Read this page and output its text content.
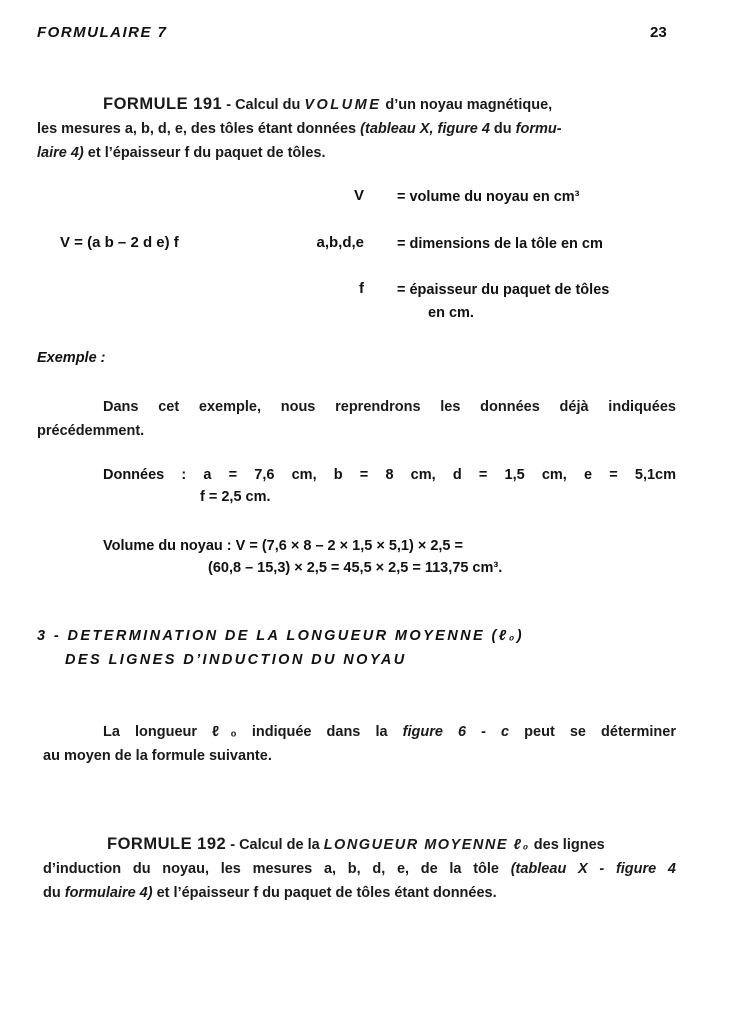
FORMULAIRE 7	23
FORMULE 191 - Calcul du VOLUME d’un noyau magnétique,
les mesures a, b, d, e, des tôles étant données (tableau X, figure 4 du formu-
laire 4) et l’épaisseur f du paquet de tôles.
V = (a b – 2 d e) f
V = volume du noyau en cm³
a,b,d,e = dimensions de la tôle en cm
f = épaisseur du paquet de tôles
en cm.
Exemple :
Dans cet exemple, nous reprendrons les données déjà indiquées
précédemment.
Données : a = 7,6 cm, b = 8 cm, d = 1,5 cm, e = 5,1cm
f = 2,5 cm.
Volume du noyau : V = (7,6 × 8 – 2 × 1,5 × 5,1) × 2,5 =
(60,8 – 15,3) × 2,5 = 45,5 × 2,5 = 113,75 cm³.
3 - DETERMINATION DE LA LONGUEUR MOYENNE (ℓ₀)
DES LIGNES D’INDUCTION DU NOYAU
La longueur ℓ₀ indiquée dans la figure 6 - c peut se déterminer
au moyen de la formule suivante.
FORMULE 192 - Calcul de la LONGUEUR MOYENNE ℓ₀ des lignes
d’induction du noyau, les mesures a, b, d, e, de la tôle (tableau X - figure 4
du formulaire 4) et l’épaisseur f du paquet de tôles étant données.
